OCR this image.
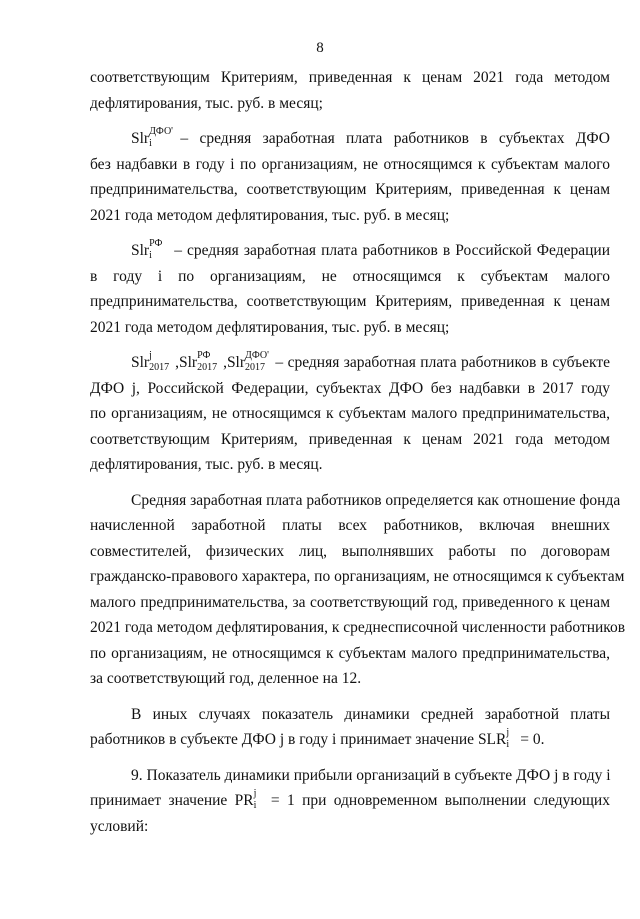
8
соответствующим Критериям, приведенная к ценам 2021 года методом
дефлятирования, тыс. руб. в месяц;
Slr ДФО'
i – средняя заработная плата работников в субъектах ДФО
без надбавки в году i по организациям, не относящимся к субъектам малого
предпринимательства, соответствующим Критериям, приведенная к ценам
2021 года методом дефлятирования, тыс. руб. в месяц;
Slr РФ
i – средняя заработная плата работников в Российской Федерации
в году i по организациям, не относящимся к субъектам малого
предпринимательства, соответствующим Критериям, приведенная к ценам
2021 года методом дефлятирования, тыс. руб. в месяц;
Slr j
2017 ,Slr РФ
2017 ,Slr ДФО'
2017 – средняя заработная плата работников в субъекте
ДФО j, Российской Федерации, субъектах ДФО без надбавки в 2017 году
по организациям, не относящимся к субъектам малого предпринимательства,
соответствующим Критериям, приведенная к ценам 2021 года методом
дефлятирования, тыс. руб. в месяц.
Средняя заработная плата работников определяется как отношение фонда
начисленной заработной платы всех работников, включая внешних
совместителей, физических лиц, выполнявших работы по договорам
гражданско-правового характера, по организациям, не относящимся к субъектам
малого предпринимательства, за соответствующий год, приведенного к ценам
2021 года методом дефлятирования, к среднесписочной численности работников
по организациям, не относящимся к субъектам малого предпринимательства,
за соответствующий год, деленное на 12.
В иных случаях показатель динамики средней заработной платы
работников в субъекте ДФО j в году i принимает значение SLR j
i = 0.
9. Показатель динамики прибыли организаций в субъекте ДФО j в году i
принимает значение PR j
i = 1 при одновременном выполнении следующих
условий:
